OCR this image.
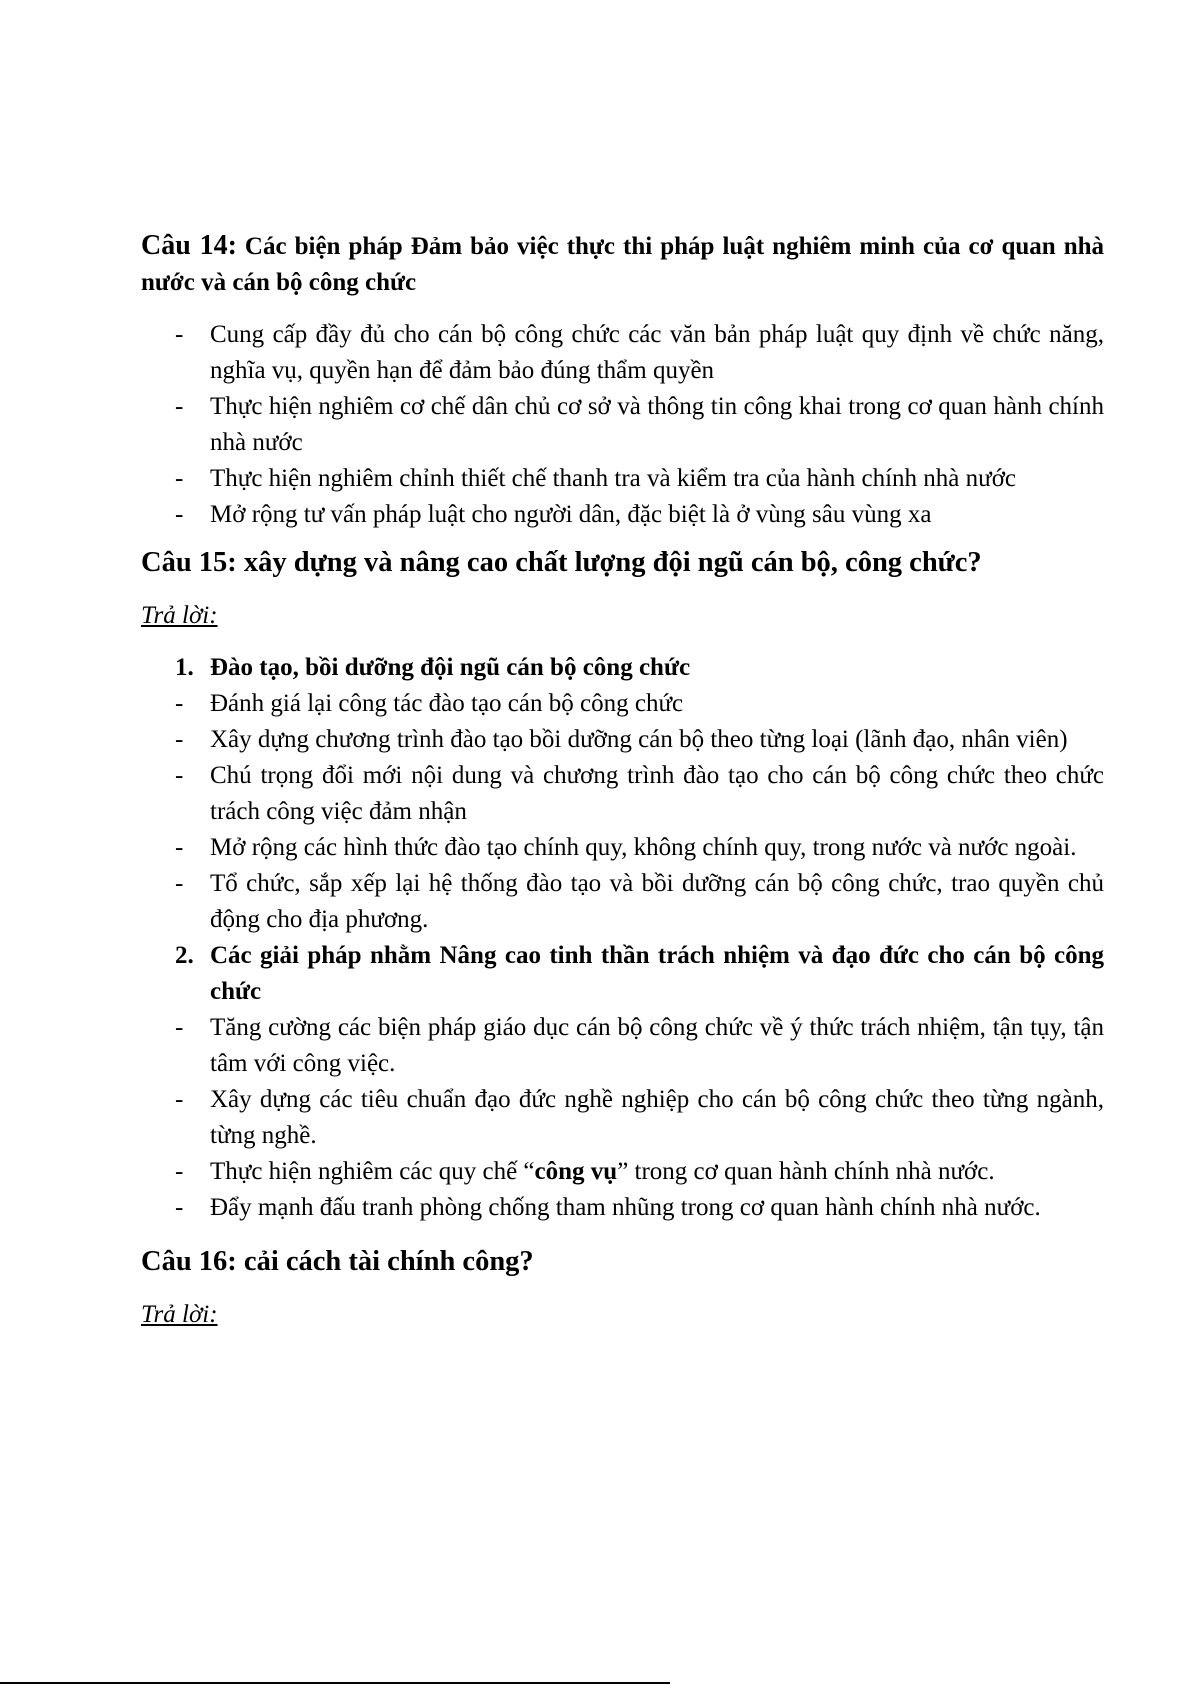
Câu 14: Các biện pháp Đảm bảo việc thực thi pháp luật nghiêm minh của cơ quan nhà nước và cán bộ công chức
- Cung cấp đầy đủ cho cán bộ công chức các văn bản pháp luật quy định về chức năng, nghĩa vụ, quyền hạn để đảm bảo đúng thẩm quyền
- Thực hiện nghiêm cơ chế dân chủ cơ sở và thông tin công khai trong cơ quan hành chính nhà nước
- Thực hiện nghiêm chỉnh thiết chế thanh tra và kiểm tra của hành chính nhà nước
- Mở rộng tư vấn pháp luật cho người dân, đặc biệt là ở vùng sâu vùng xa
Câu 15: xây dựng và nâng cao chất lượng đội ngũ cán bộ, công chức?
Trả lời:
1. Đào tạo, bồi dưỡng đội ngũ cán bộ công chức
- Đánh giá lại công tác đào tạo cán bộ công chức
- Xây dựng chương trình đào tạo bồi dưỡng cán bộ theo từng loại (lãnh đạo, nhân viên)
- Chú trọng đổi mới nội dung và chương trình đào tạo cho cán bộ công chức theo chức trách công việc đảm nhận
- Mở rộng các hình thức đào tạo chính quy, không chính quy, trong nước và nước ngoài.
- Tổ chức, sắp xếp lại hệ thống đào tạo và bồi dưỡng cán bộ công chức, trao quyền chủ động cho địa phương.
2. Các giải pháp nhằm Nâng cao tinh thần trách nhiệm và đạo đức cho cán bộ công chức
- Tăng cường các biện pháp giáo dục cán bộ công chức về ý thức trách nhiệm, tận tụy, tận tâm với công việc.
- Xây dựng các tiêu chuẩn đạo đức nghề nghiệp cho cán bộ công chức theo từng ngành, từng nghề.
- Thực hiện nghiêm các quy chế “công vụ” trong cơ quan hành chính nhà nước.
- Đẩy mạnh đấu tranh phòng chống tham nhũng trong cơ quan hành chính nhà nước.
Câu 16: cải cách tài chính công?
Trả lời:
